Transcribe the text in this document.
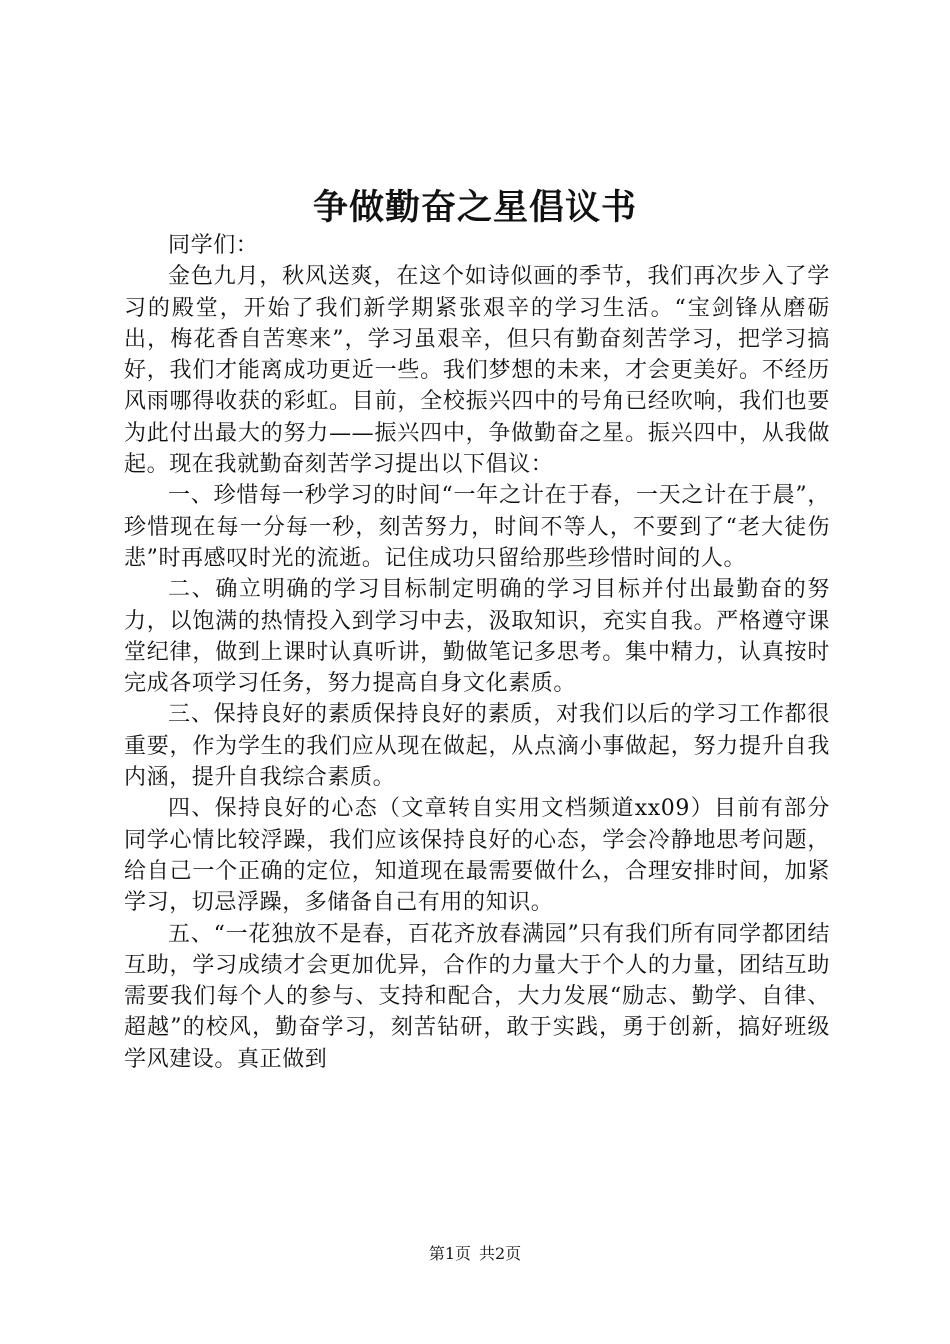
争做勤奋之星倡议书

同学们：

金色九月，秋风送爽，在这个如诗似画的季节，我们再次步入了学习的殿堂，开始了我们新学期紧张艰辛的学习生活。“宝剑锋从磨砺出，梅花香自苦寒来”，学习虽艰辛，但只有勤奋刻苦学习，把学习搞好，我们才能离成功更近一些。我们梦想的未来，才会更美好。不经历风雨哪得收获的彩虹。目前，全校振兴四中的号角已经吹响，我们也要为此付出最大的努力——振兴四中，争做勤奋之星。振兴四中，从我做起。现在我就勤奋刻苦学习提出以下倡议：

一、珍惜每一秒学习的时间“一年之计在于春，一天之计在于晨”，珍惜现在每一分每一秒，刻苦努力，时间不等人，不要到了“老大徒伤悲”时再感叹时光的流逝。记住成功只留给那些珍惜时间的人。

二、确立明确的学习目标制定明确的学习目标并付出最勤奋的努力，以饱满的热情投入到学习中去，汲取知识，充实自我。严格遵守课堂纪律，做到上课时认真听讲，勤做笔记多思考。集中精力，认真按时完成各项学习任务，努力提高自身文化素质。

三、保持良好的素质保持良好的素质，对我们以后的学习工作都很重要，作为学生的我们应从现在做起，从点滴小事做起，努力提升自我内涵，提升自我综合素质。

四、保持良好的心态（文章转自实用文档频道xx09）目前有部分同学心情比较浮躁，我们应该保持良好的心态，学会冷静地思考问题，给自己一个正确的定位，知道现在最需要做什么，合理安排时间，加紧学习，切忌浮躁，多储备自己有用的知识。

五、“一花独放不是春，百花齐放春满园”只有我们所有同学都团结互助，学习成绩才会更加优异，合作的力量大于个人的力量，团结互助需要我们每个人的参与、支持和配合，大力发展“励志、勤学、自律、超越”的校风，勤奋学习，刻苦钻研，敢于实践，勇于创新，搞好班级学风建设。真正做到

第1页 共2页
